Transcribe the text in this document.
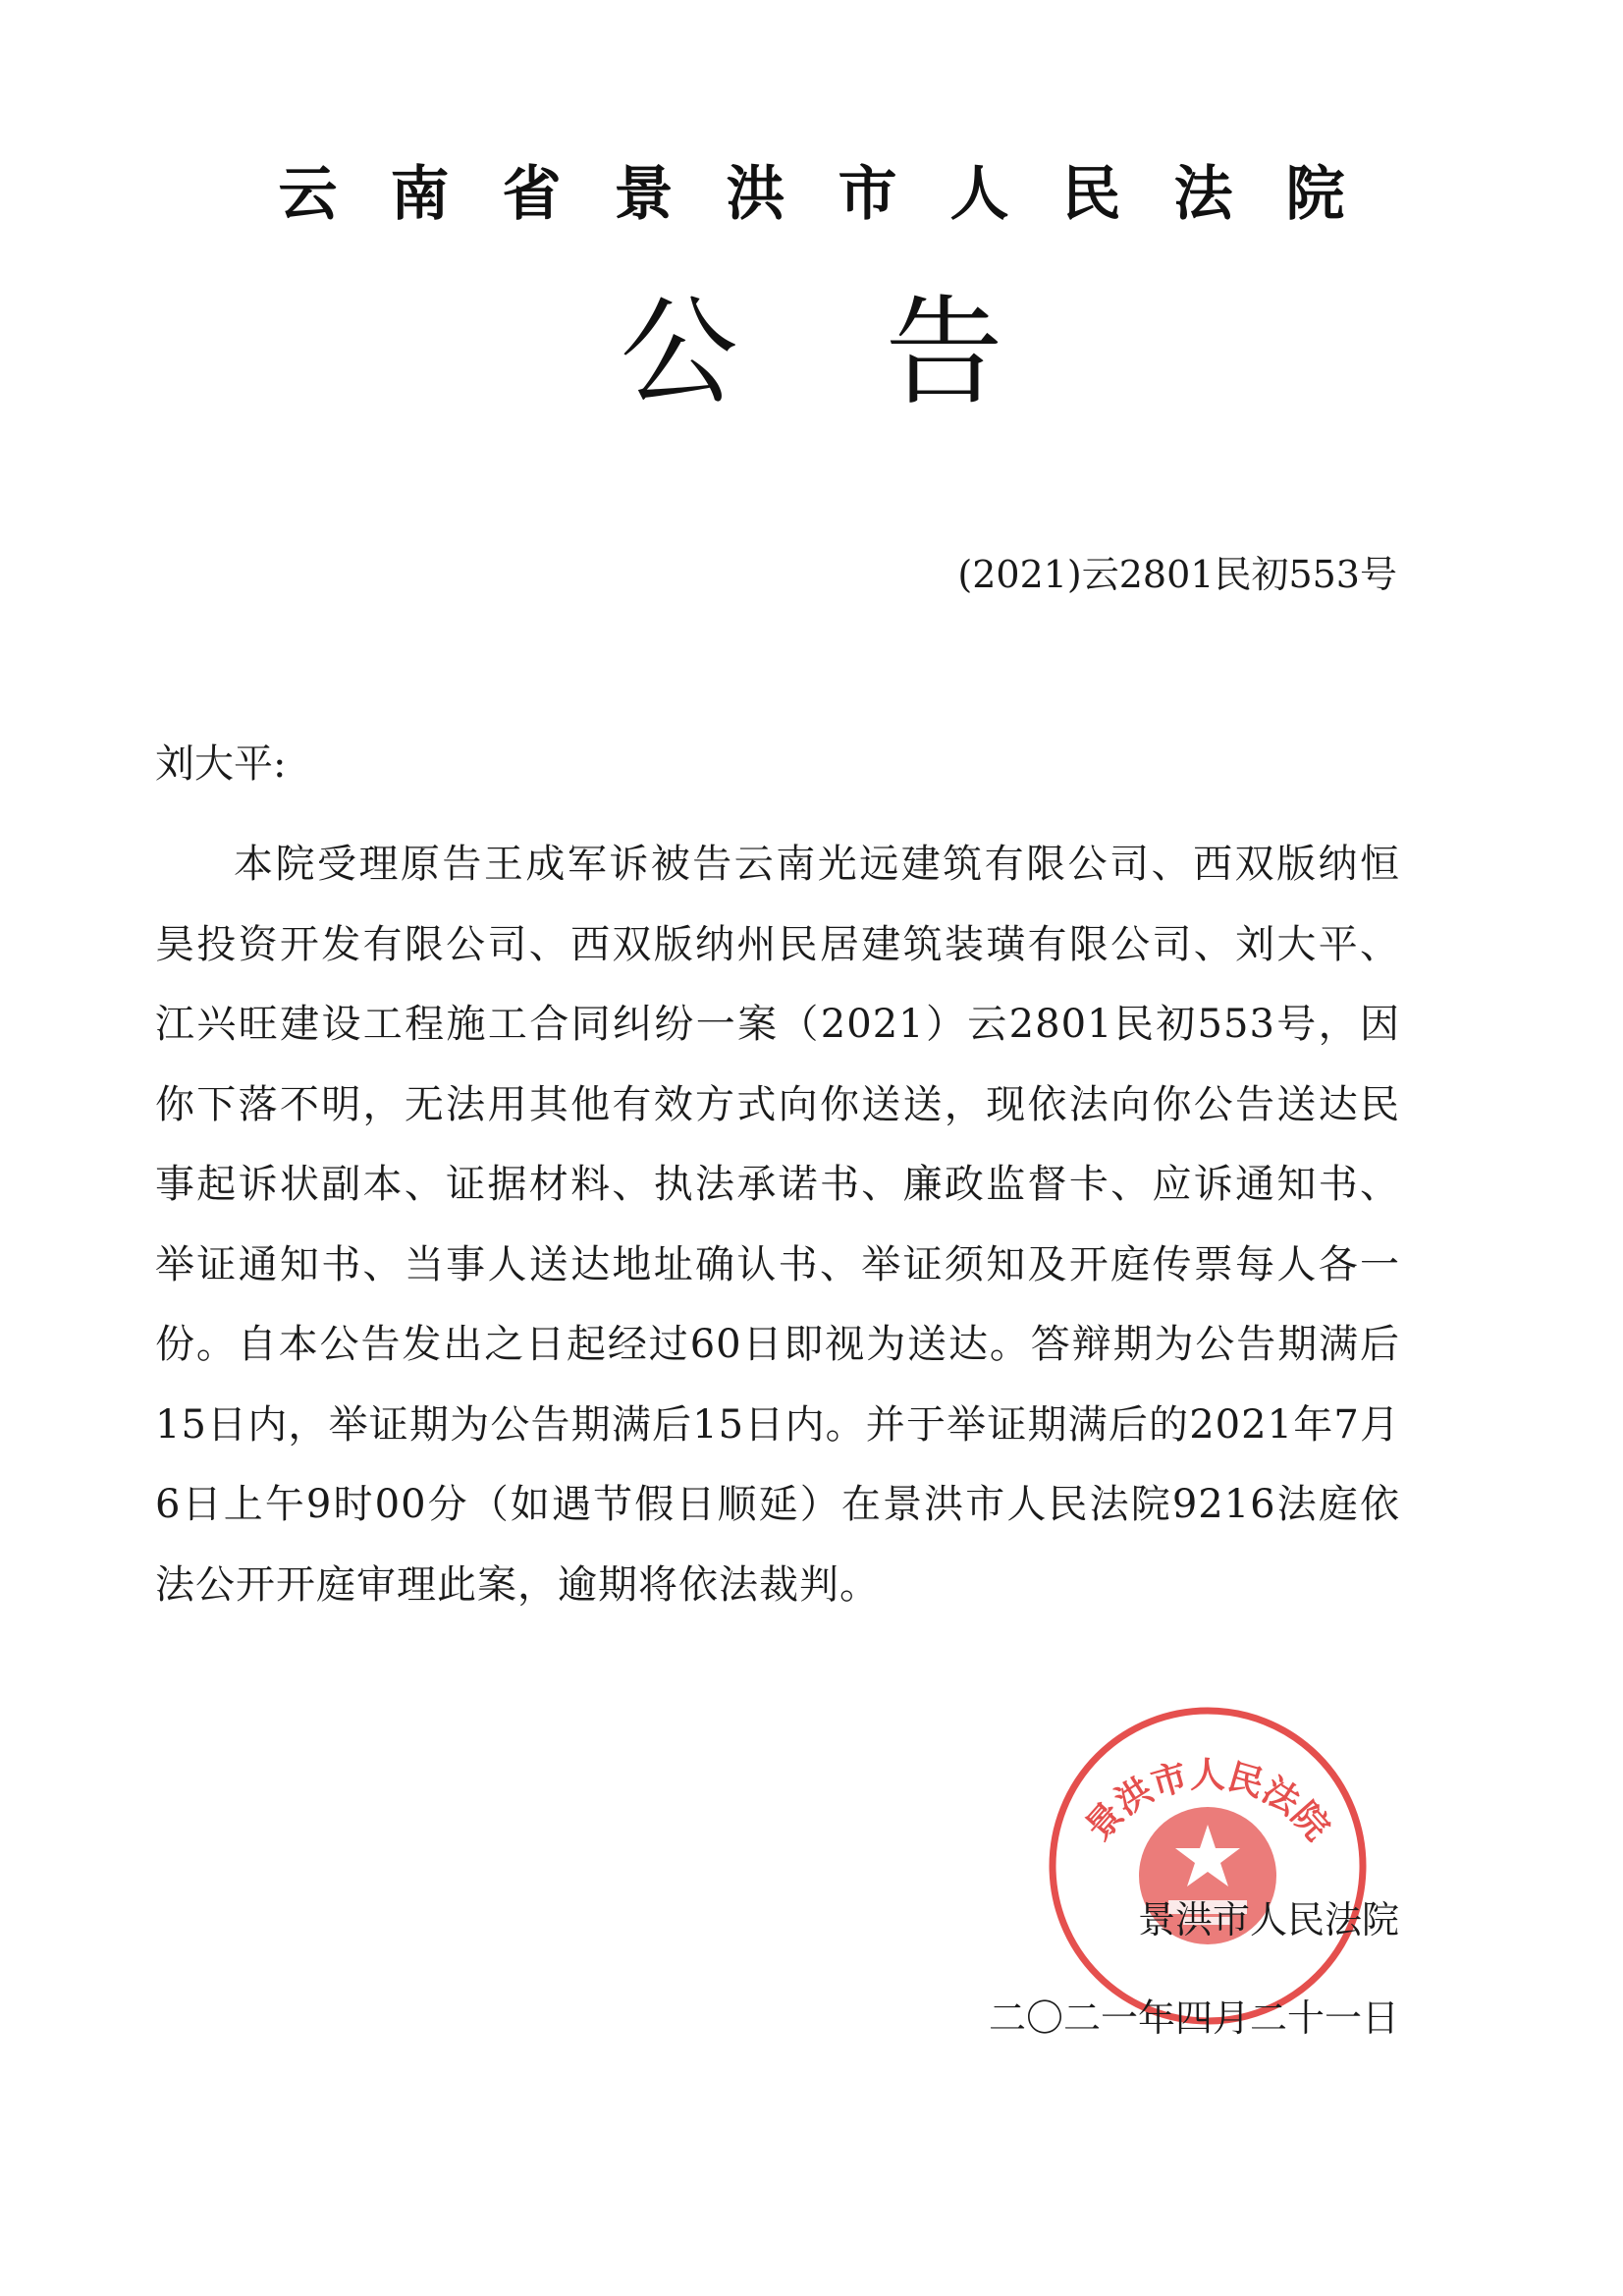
云南省景洪市人民法院
公告
(2021)云2801民初553号
刘大平:
本院受理原告王成军诉被告云南光远建筑有限公司、西双版纳恒昊投资开发有限公司、西双版纳州民居建筑装璜有限公司、刘大平、江兴旺建设工程施工合同纠纷一案（2021）云2801民初553号，因你下落不明，无法用其他有效方式向你送送，现依法向你公告送达民事起诉状副本、证据材料、执法承诺书、廉政监督卡、应诉通知书、举证通知书、当事人送达地址确认书、举证须知及开庭传票每人各一份。自本公告发出之日起经过60日即视为送达。答辩期为公告期满后15日内，举证期为公告期满后15日内。并于举证期满后的2021年7月6日上午9时00分（如遇节假日顺延）在景洪市人民法院9216法庭依法公开开庭审理此案，逾期将依法裁判。
景洪市人民法院
景洪市人民法院
二〇二一年四月二十一日
